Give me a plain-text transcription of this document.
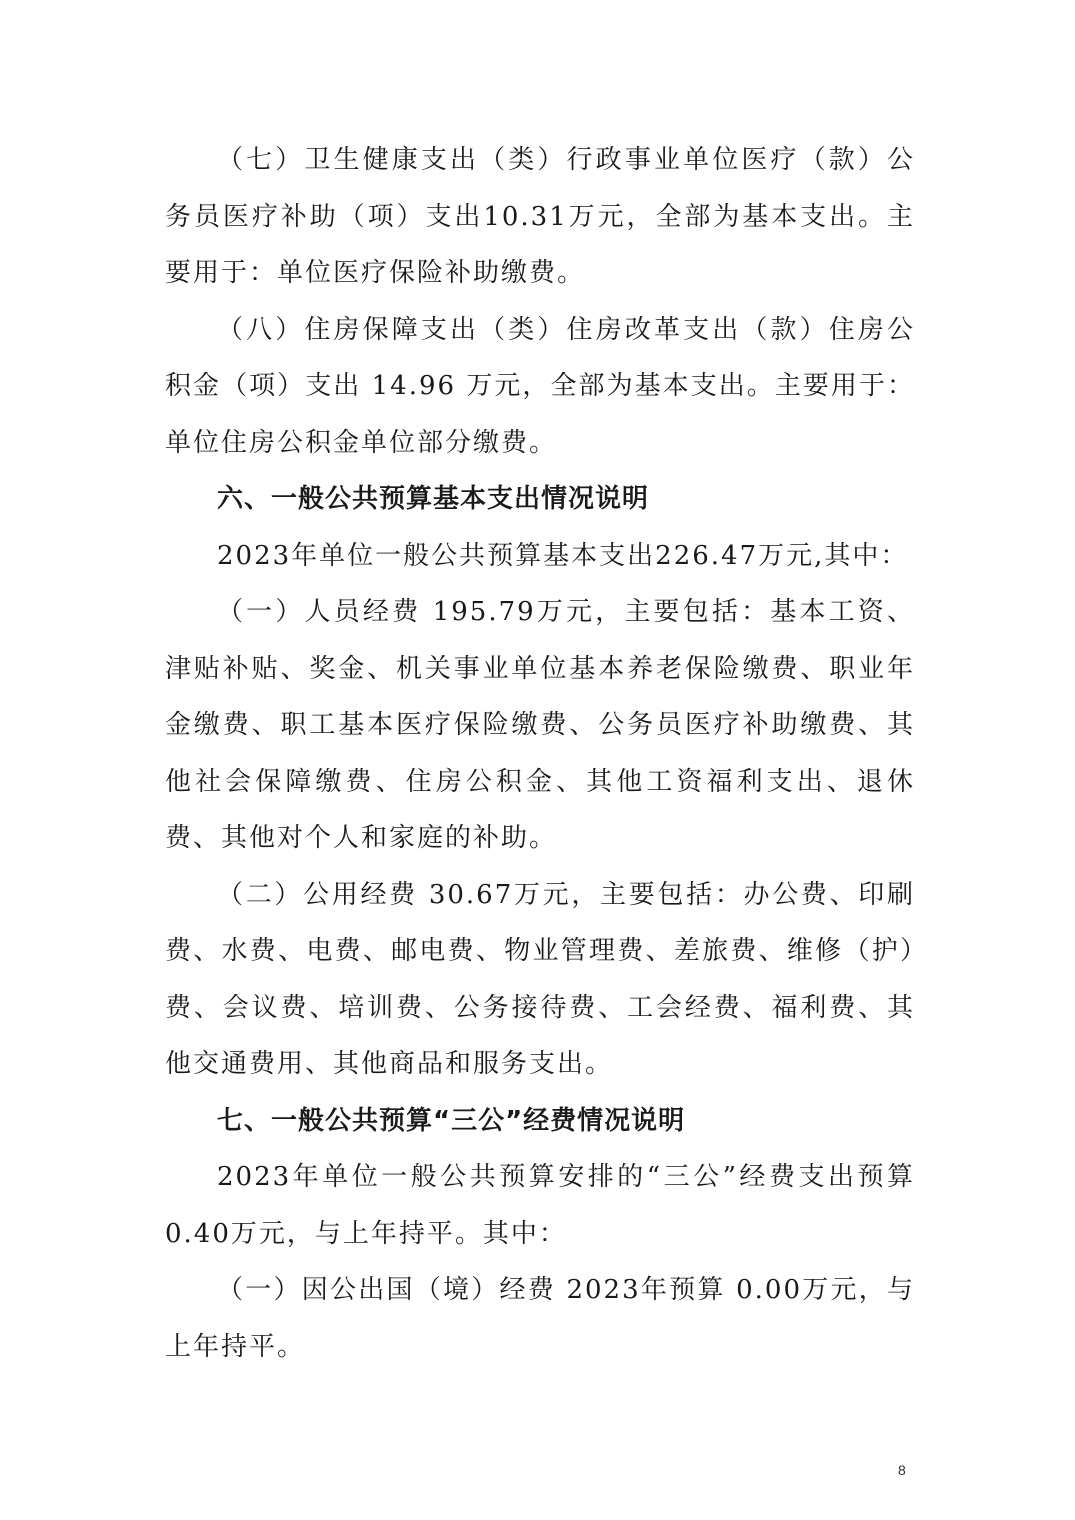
（七）卫生健康支出（类）行政事业单位医疗（款）公务员医疗补助（项）支出10.31万元，全部为基本支出。主要用于：单位医疗保险补助缴费。

（八）住房保障支出（类）住房改革支出（款）住房公积金（项）支出 14.96 万元，全部为基本支出。主要用于：单位住房公积金单位部分缴费。

六、一般公共预算基本支出情况说明

2023年单位一般公共预算基本支出226.47万元,其中：

（一）人员经费 195.79万元，主要包括：基本工资、津贴补贴、奖金、机关事业单位基本养老保险缴费、职业年金缴费、职工基本医疗保险缴费、公务员医疗补助缴费、其他社会保障缴费、住房公积金、其他工资福利支出、退休费、其他对个人和家庭的补助。

（二）公用经费 30.67万元，主要包括：办公费、印刷费、水费、电费、邮电费、物业管理费、差旅费、维修（护）费、会议费、培训费、公务接待费、工会经费、福利费、其他交通费用、其他商品和服务支出。

七、一般公共预算“三公”经费情况说明

2023年单位一般公共预算安排的“三公”经费支出预算0.40万元，与上年持平。其中：

（一）因公出国（境）经费 2023年预算 0.00万元，与上年持平。

8
